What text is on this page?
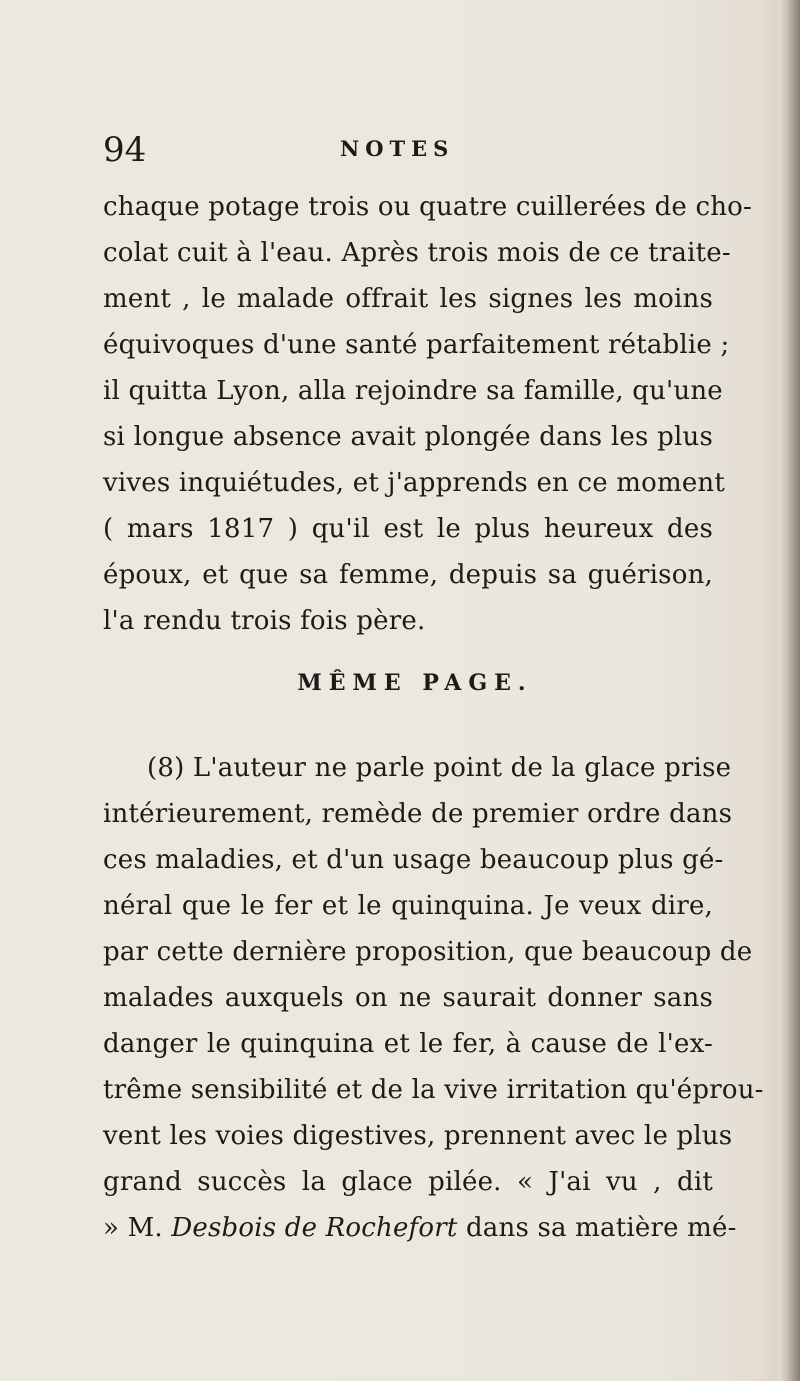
94	NOTES
chaque potage trois ou quatre cuillerées de cho-
colat cuit à l'eau. Après trois mois de ce traite-
ment , le malade offrait les signes les moins
équivoques d'une santé parfaitement rétablie ;
il quitta Lyon, alla rejoindre sa famille, qu'une
si longue absence avait plongée dans les plus
vives inquiétudes, et j'apprends en ce moment
( mars 1817 ) qu'il est le plus heureux des
époux, et que sa femme, depuis sa guérison,
l'a rendu trois fois père.
MÊME PAGE.
(8) L'auteur ne parle point de la glace prise
intérieurement, remède de premier ordre dans
ces maladies, et d'un usage beaucoup plus gé-
néral que le fer et le quinquina. Je veux dire,
par cette dernière proposition, que beaucoup de
malades auxquels on ne saurait donner sans
danger le quinquina et le fer, à cause de l'ex-
trême sensibilité et de la vive irritation qu'éprou-
vent les voies digestives, prennent avec le plus
grand succès la glace pilée. « J'ai vu , dit
» M. Desbois de Rochefort dans sa matière mé-
